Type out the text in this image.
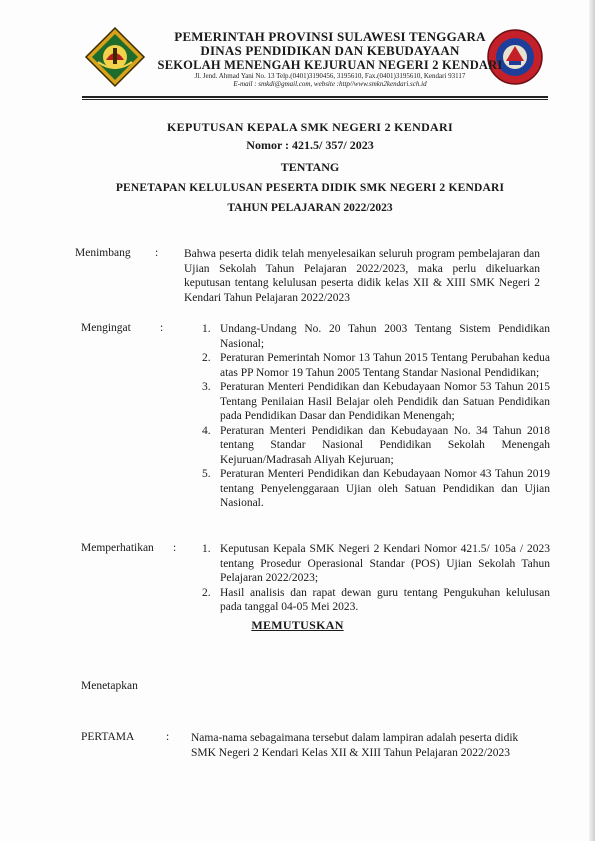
PEMERINTAH PROVINSI SULAWESI TENGGARA
DINAS PENDIDIKAN DAN KEBUDAYAAN
SEKOLAH MENENGAH KEJURUAN NEGERI 2 KENDARI
Jl. Jend. Ahmad Yani No. 13 Telp.(0401)3190456, 3195610, Fax.(0401)3195610, Kendari 93117
E-mail : smkdi@gmail.com, website :http//www.smkn2kendari.sch.id
KEPUTUSAN KEPALA SMK NEGERI 2 KENDARI
Nomor : 421.5/ 357/ 2023
TENTANG
PENETAPAN KELULUSAN PESERTA DIDIK SMK NEGERI 2 KENDARI
TAHUN PELAJARAN 2022/2023
Menimbang : Bahwa peserta didik telah menyelesaikan seluruh program pembelajaran dan Ujian Sekolah Tahun Pelajaran 2022/2023, maka perlu dikeluarkan keputusan tentang kelulusan peserta didik kelas XII & XIII SMK Negeri 2 Kendari Tahun Pelajaran 2022/2023
Mengingat	:	1. Undang-Undang No. 20 Tahun 2003 Tentang Sistem Pendidikan Nasional;
2. Peraturan Pemerintah Nomor 13 Tahun 2015 Tentang Perubahan kedua atas PP Nomor 19 Tahun 2005 Tentang Standar Nasional Pendidikan;
3. Peraturan Menteri Pendidikan dan Kebudayaan Nomor 53 Tahun 2015 Tentang Penilaian Hasil Belajar oleh Pendidik dan Satuan Pendidikan pada Pendidikan Dasar dan Pendidikan Menengah;
4. Peraturan Menteri Pendidikan dan Kebudayaan No. 34 Tahun 2018 tentang Standar Nasional Pendidikan Sekolah Menengah Kejuruan/Madrasah Aliyah Kejuruan;
5. Peraturan Menteri Pendidikan dan Kebudayaan Nomor 43 Tahun 2019 tentang Penyelenggaraan Ujian oleh Satuan Pendidikan dan Ujian Nasional.
Memperhatikan : 1. Keputusan Kepala SMK Negeri 2 Kendari Nomor 421.5/ 105a / 2023 tentang Prosedur Operasional Standar (POS) Ujian Sekolah Tahun Pelajaran 2022/2023;
2. Hasil analisis dan rapat dewan guru tentang Pengukuhan kelulusan pada tanggal 04-05 Mei 2023.
MEMUTUSKAN
Menetapkan
PERTAMA	: Nama-nama sebagaimana tersebut dalam lampiran adalah peserta didik SMK Negeri 2 Kendari Kelas XII & XIII Tahun Pelajaran 2022/2023
